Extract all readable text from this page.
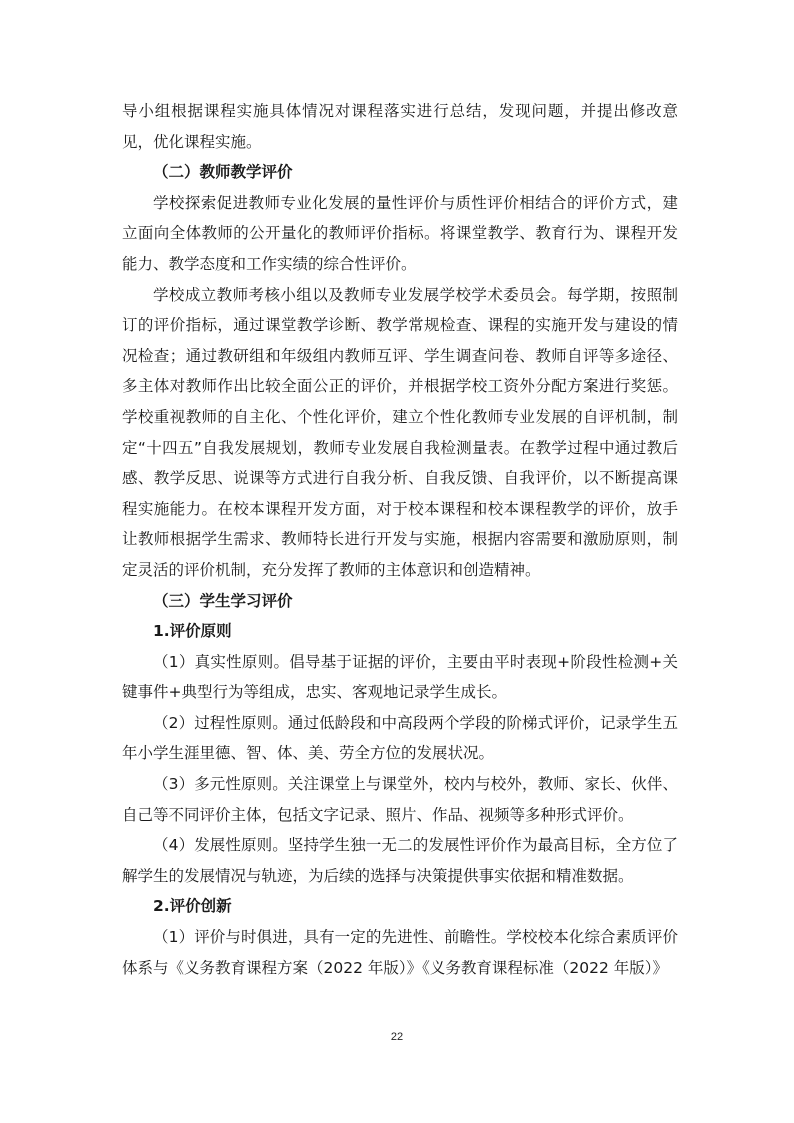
导小组根据课程实施具体情况对课程落实进行总结，发现问题，并提出修改意见，优化课程实施。

（二）教师教学评价

学校探索促进教师专业化发展的量性评价与质性评价相结合的评价方式，建立面向全体教师的公开量化的教师评价指标。将课堂教学、教育行为、课程开发能力、教学态度和工作实绩的综合性评价。

学校成立教师考核小组以及教师专业发展学校学术委员会。每学期，按照制订的评价指标，通过课堂教学诊断、教学常规检查、课程的实施开发与建设的情况检查；通过教研组和年级组内教师互评、学生调查问卷、教师自评等多途径、多主体对教师作出比较全面公正的评价，并根据学校工资外分配方案进行奖惩。学校重视教师的自主化、个性化评价，建立个性化教师专业发展的自评机制，制定“十四五”自我发展规划，教师专业发展自我检测量表。在教学过程中通过教后感、教学反思、说课等方式进行自我分析、自我反馈、自我评价，以不断提高课程实施能力。在校本课程开发方面，对于校本课程和校本课程教学的评价，放手让教师根据学生需求、教师特长进行开发与实施，根据内容需要和激励原则，制定灵活的评价机制，充分发挥了教师的主体意识和创造精神。

（三）学生学习评价

1.评价原则

（1）真实性原则。倡导基于证据的评价，主要由平时表现+阶段性检测+关键事件+典型行为等组成，忠实、客观地记录学生成长。

（2）过程性原则。通过低龄段和中高段两个学段的阶梯式评价，记录学生五年小学生涯里德、智、体、美、劳全方位的发展状况。

（3）多元性原则。关注课堂上与课堂外，校内与校外，教师、家长、伙伴、自己等不同评价主体，包括文字记录、照片、作品、视频等多种形式评价。

（4）发展性原则。坚持学生独一无二的发展性评价作为最高目标，全方位了解学生的发展情况与轨迹，为后续的选择与决策提供事实依据和精准数据。

2.评价创新

（1）评价与时俱进，具有一定的先进性、前瞻性。学校校本化综合素质评价体系与《义务教育课程方案（2022 年版）》《义务教育课程标准（2022 年版）》

22
